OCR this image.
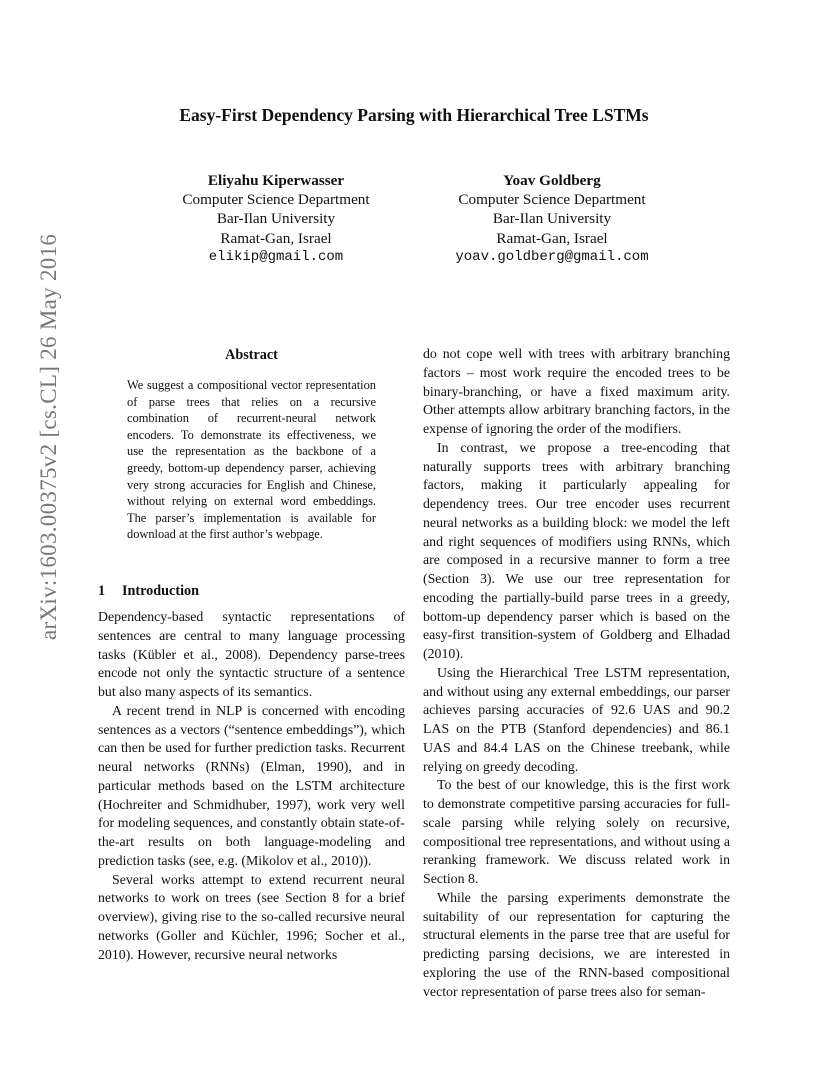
arXiv:1603.00375v2 [cs.CL] 26 May 2016
Easy-First Dependency Parsing with Hierarchical Tree LSTMs
Eliyahu Kiperwasser
Computer Science Department
Bar-Ilan University
Ramat-Gan, Israel
elikip@gmail.com
Yoav Goldberg
Computer Science Department
Bar-Ilan University
Ramat-Gan, Israel
yoav.goldberg@gmail.com
Abstract
We suggest a compositional vector representation of parse trees that relies on a recursive combination of recurrent-neural network encoders. To demonstrate its effectiveness, we use the representation as the backbone of a greedy, bottom-up dependency parser, achieving very strong accuracies for English and Chinese, without relying on external word embeddings. The parser’s implementation is available for download at the first author’s webpage.
1 Introduction

Dependency-based syntactic representations of sentences are central to many language processing tasks (Kübler et al., 2008). Dependency parse-trees encode not only the syntactic structure of a sentence but also many aspects of its semantics.

A recent trend in NLP is concerned with encoding sentences as a vectors (“sentence embeddings”), which can then be used for further prediction tasks. Recurrent neural networks (RNNs) (Elman, 1990), and in particular methods based on the LSTM architecture (Hochreiter and Schmidhuber, 1997), work very well for modeling sequences, and constantly obtain state-of-the-art results on both language-modeling and prediction tasks (see, e.g. (Mikolov et al., 2010)).

Several works attempt to extend recurrent neural networks to work on trees (see Section 8 for a brief overview), giving rise to the so-called recursive neural networks (Goller and Küchler, 1996; Socher et al., 2010). However, recursive neural networks

do not cope well with trees with arbitrary branching factors – most work require the encoded trees to be binary-branching, or have a fixed maximum arity. Other attempts allow arbitrary branching factors, in the expense of ignoring the order of the modifiers.

In contrast, we propose a tree-encoding that naturally supports trees with arbitrary branching factors, making it particularly appealing for dependency trees. Our tree encoder uses recurrent neural networks as a building block: we model the left and right sequences of modifiers using RNNs, which are composed in a recursive manner to form a tree (Section 3). We use our tree representation for encoding the partially-build parse trees in a greedy, bottom-up dependency parser which is based on the easy-first transition-system of Goldberg and Elhadad (2010).

Using the Hierarchical Tree LSTM representation, and without using any external embeddings, our parser achieves parsing accuracies of 92.6 UAS and 90.2 LAS on the PTB (Stanford dependencies) and 86.1 UAS and 84.4 LAS on the Chinese treebank, while relying on greedy decoding.

To the best of our knowledge, this is the first work to demonstrate competitive parsing accuracies for full-scale parsing while relying solely on recursive, compositional tree representations, and without using a reranking framework. We discuss related work in Section 8.

While the parsing experiments demonstrate the suitability of our representation for capturing the structural elements in the parse tree that are useful for predicting parsing decisions, we are interested in exploring the use of the RNN-based compositional vector representation of parse trees also for seman-
